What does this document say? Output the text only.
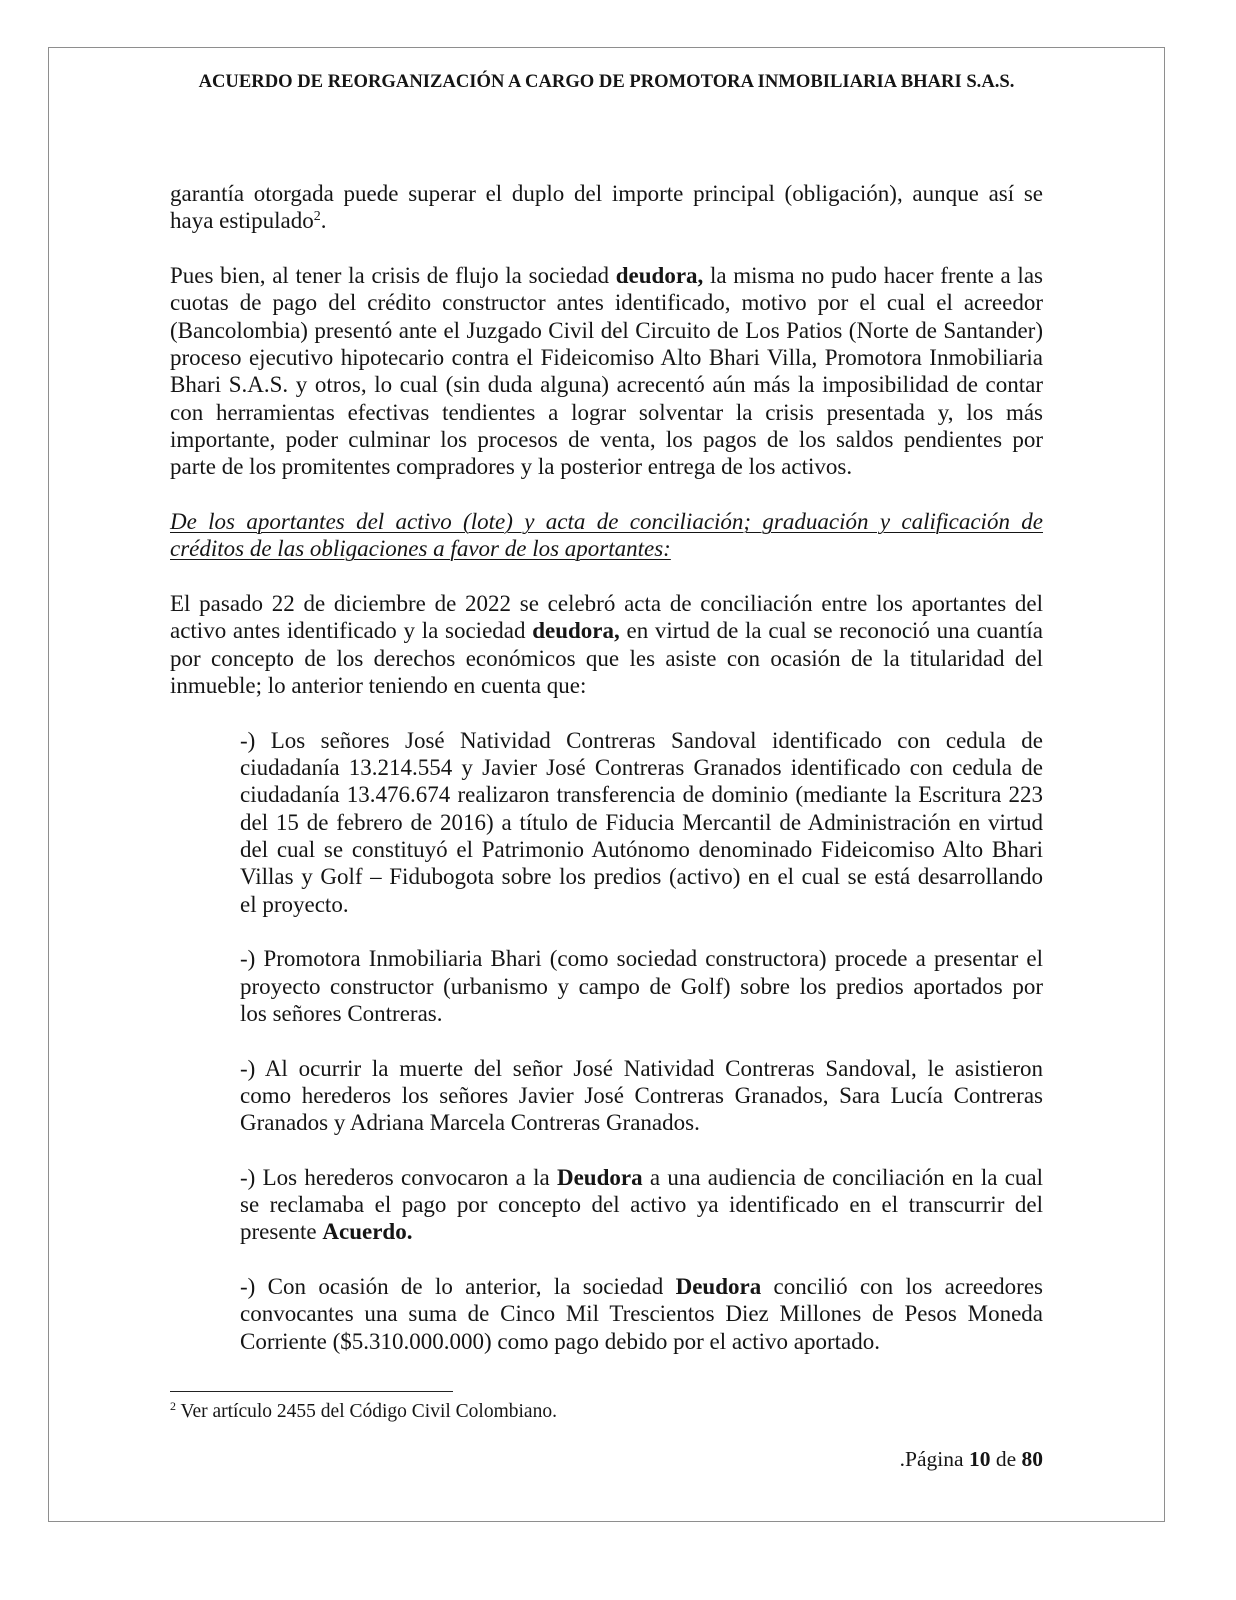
ACUERDO DE REORGANIZACIÓN A CARGO DE PROMOTORA INMOBILIARIA BHARI S.A.S.
garantía otorgada puede superar el duplo del importe principal (obligación), aunque así se
haya estipulado$^2$.
Pues bien, al tener la crisis de flujo la sociedad deudora, la misma no pudo hacer frente a las
cuotas de pago del crédito constructor antes identificado, motivo por el cual el acreedor
(Bancolombia) presentó ante el Juzgado Civil del Circuito de Los Patios (Norte de Santander)
proceso ejecutivo hipotecario contra el Fideicomiso Alto Bhari Villa, Promotora Inmobiliaria
Bhari S.A.S. y otros, lo cual (sin duda alguna) acrecentó aún más la imposibilidad de contar
con herramientas efectivas tendientes a lograr solventar la crisis presentada y, los más
importante, poder culminar los procesos de venta, los pagos de los saldos pendientes por
parte de los promitentes compradores y la posterior entrega de los activos.
De los aportantes del activo (lote) y acta de conciliación; graduación y calificación de
créditos de las obligaciones a favor de los aportantes:
El pasado 22 de diciembre de 2022 se celebró acta de conciliación entre los aportantes del
activo antes identificado y la sociedad deudora, en virtud de la cual se reconoció una cuantía
por concepto de los derechos económicos que les asiste con ocasión de la titularidad del
inmueble; lo anterior teniendo en cuenta que:
-) Los señores José Natividad Contreras Sandoval identificado con cedula de
ciudadanía 13.214.554 y Javier José Contreras Granados identificado con cedula de
ciudadanía 13.476.674 realizaron transferencia de dominio (mediante la Escritura 223
del 15 de febrero de 2016) a título de Fiducia Mercantil de Administración en virtud
del cual se constituyó el Patrimonio Autónomo denominado Fideicomiso Alto Bhari
Villas y Golf – Fidubogota sobre los predios (activo) en el cual se está desarrollando
el proyecto.
-) Promotora Inmobiliaria Bhari (como sociedad constructora) procede a presentar el
proyecto constructor (urbanismo y campo de Golf) sobre los predios aportados por
los señores Contreras.
-) Al ocurrir la muerte del señor José Natividad Contreras Sandoval, le asistieron
como herederos los señores Javier José Contreras Granados, Sara Lucía Contreras
Granados y Adriana Marcela Contreras Granados.
-) Los herederos convocaron a la Deudora a una audiencia de conciliación en la cual
se reclamaba el pago por concepto del activo ya identificado en el transcurrir del
presente Acuerdo.
-) Con ocasión de lo anterior, la sociedad Deudora concilió con los acreedores
convocantes una suma de Cinco Mil Trescientos Diez Millones de Pesos Moneda
Corriente ($5.310.000.000) como pago debido por el activo aportado.
$^2$ Ver artículo 2455 del Código Civil Colombiano.
.Página 10 de 80
